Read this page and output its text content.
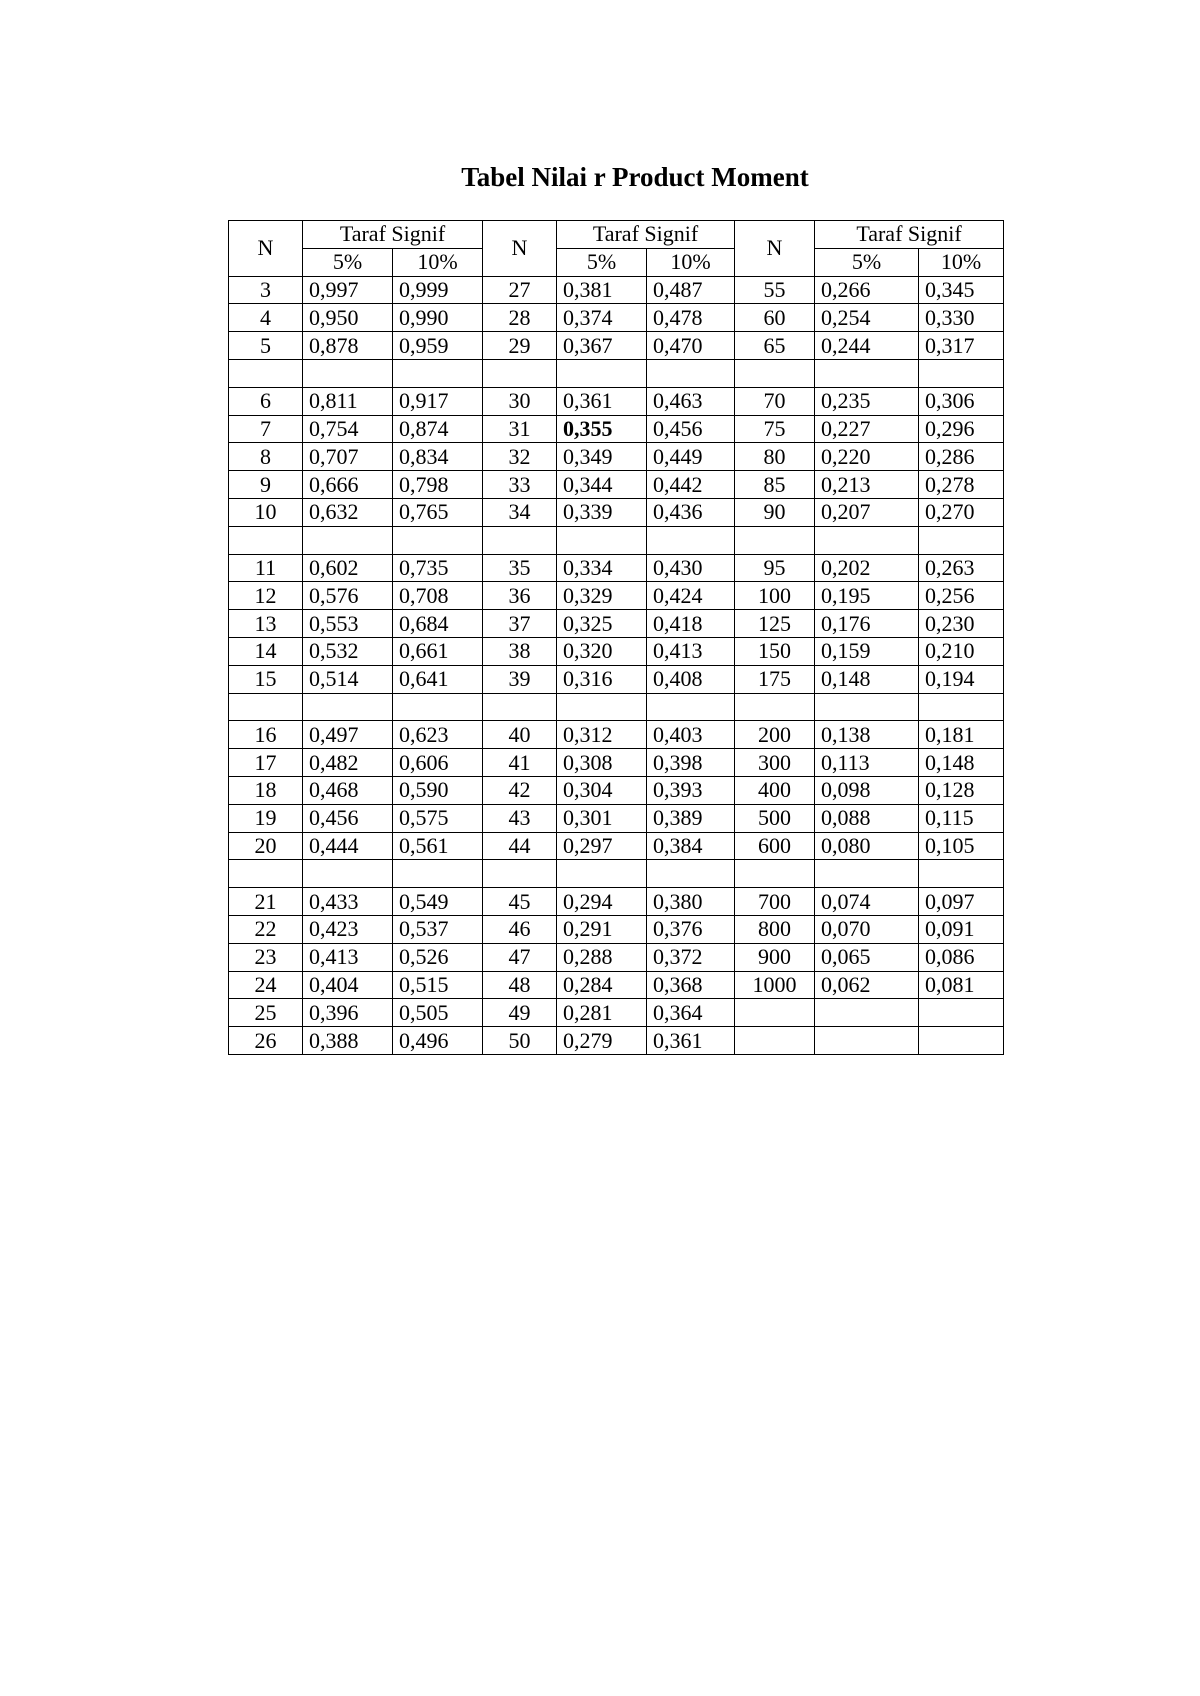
Tabel Nilai r Product Moment
N	Taraf Signif		N	Taraf Signif		N	Taraf Signif	
	5%	10%		5%	10%		5%	10%
3	0,997	0,999	27	0,381	0,487	55	0,266	0,345
4	0,950	0,990	28	0,374	0,478	60	0,254	0,330
5	0,878	0,959	29	0,367	0,470	65	0,244	0,317

6	0,811	0,917	30	0,361	0,463	70	0,235	0,306
7	0,754	0,874	31	0,355	0,456	75	0,227	0,296
8	0,707	0,834	32	0,349	0,449	80	0,220	0,286
9	0,666	0,798	33	0,344	0,442	85	0,213	0,278
10	0,632	0,765	34	0,339	0,436	90	0,207	0,270

11	0,602	0,735	35	0,334	0,430	95	0,202	0,263
12	0,576	0,708	36	0,329	0,424	100	0,195	0,256
13	0,553	0,684	37	0,325	0,418	125	0,176	0,230
14	0,532	0,661	38	0,320	0,413	150	0,159	0,210
15	0,514	0,641	39	0,316	0,408	175	0,148	0,194

16	0,497	0,623	40	0,312	0,403	200	0,138	0,181
17	0,482	0,606	41	0,308	0,398	300	0,113	0,148
18	0,468	0,590	42	0,304	0,393	400	0,098	0,128
19	0,456	0,575	43	0,301	0,389	500	0,088	0,115
20	0,444	0,561	44	0,297	0,384	600	0,080	0,105

21	0,433	0,549	45	0,294	0,380	700	0,074	0,097
22	0,423	0,537	46	0,291	0,376	800	0,070	0,091
23	0,413	0,526	47	0,288	0,372	900	0,065	0,086
24	0,404	0,515	48	0,284	0,368	1000	0,062	0,081
25	0,396	0,505	49	0,281	0,364			
26	0,388	0,496	50	0,279	0,361			
